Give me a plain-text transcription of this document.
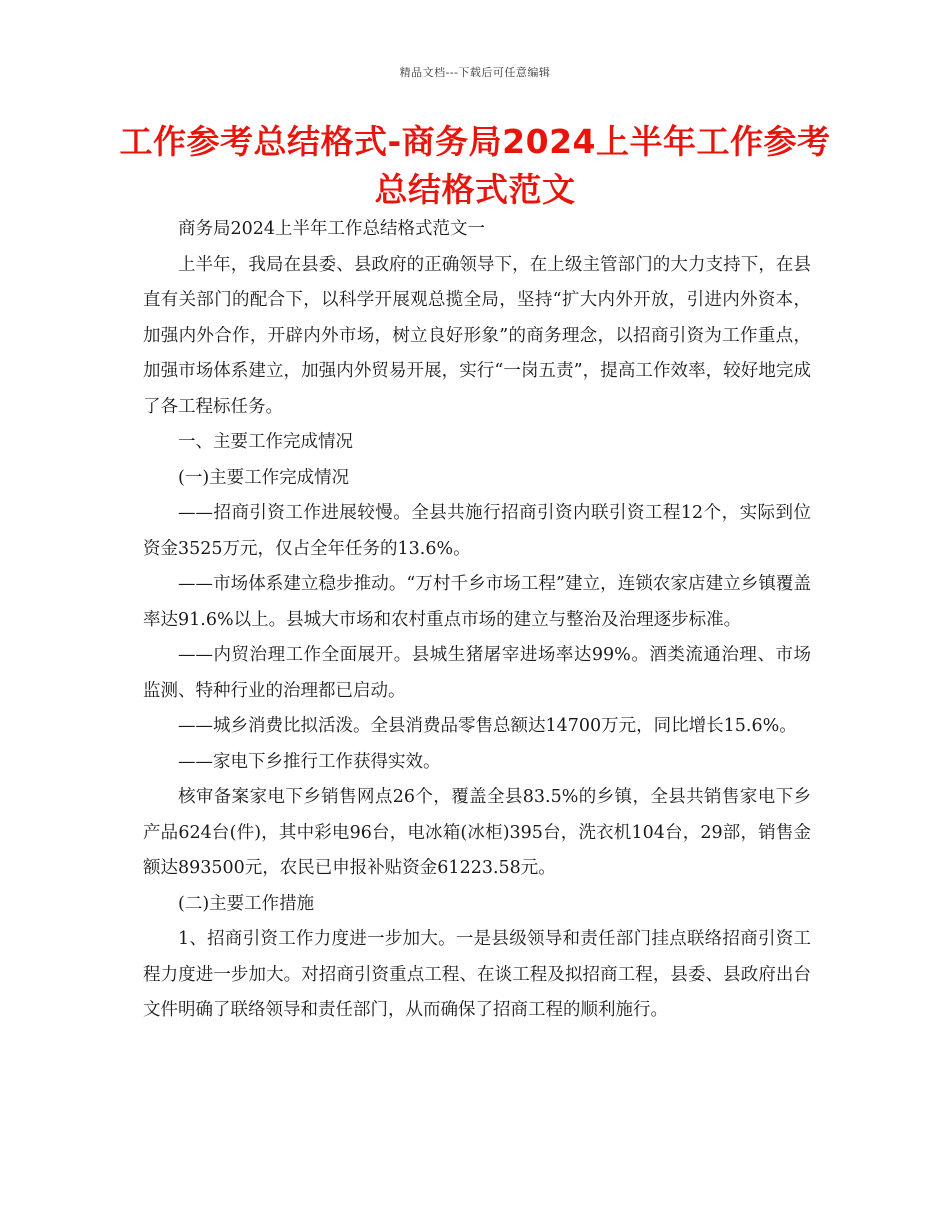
精品文档---下载后可任意编辑
工作参考总结格式-商务局2024上半年工作参考总结格式范文

商务局2024上半年工作总结格式范文一

上半年，我局在县委、县政府的正确领导下，在上级主管部门的大力支持下，在县直有关部门的配合下，以科学开展观总揽全局，坚持“扩大内外开放，引进内外资本，加强内外合作，开辟内外市场，树立良好形象”的商务理念，以招商引资为工作重点，加强市场体系建立，加强内外贸易开展，实行“一岗五责”，提高工作效率，较好地完成了各工程标任务。

一、主要工作完成情况

(一)主要工作完成情况

——招商引资工作进展较慢。全县共施行招商引资内联引资工程12个，实际到位资金3525万元，仅占全年任务的13.6%。

——市场体系建立稳步推动。“万村千乡市场工程”建立，连锁农家店建立乡镇覆盖率达91.6%以上。县城大市场和农村重点市场的建立与整治及治理逐步标准。

——内贸治理工作全面展开。县城生猪屠宰进场率达99%。酒类流通治理、市场监测、特种行业的治理都已启动。

——城乡消费比拟活泼。全县消费品零售总额达14700万元，同比增长15.6%。

——家电下乡推行工作获得实效。

核审备案家电下乡销售网点26个，覆盖全县83.5%的乡镇，全县共销售家电下乡产品624台(件)，其中彩电96台，电冰箱(冰柜)395台，洗衣机104台，29部，销售金额达893500元，农民已申报补贴资金61223.58元。

(二)主要工作措施

1、招商引资工作力度进一步加大。一是县级领导和责任部门挂点联络招商引资工程力度进一步加大。对招商引资重点工程、在谈工程及拟招商工程，县委、县政府出台文件明确了联络领导和责任部门，从而确保了招商工程的顺利施行。
